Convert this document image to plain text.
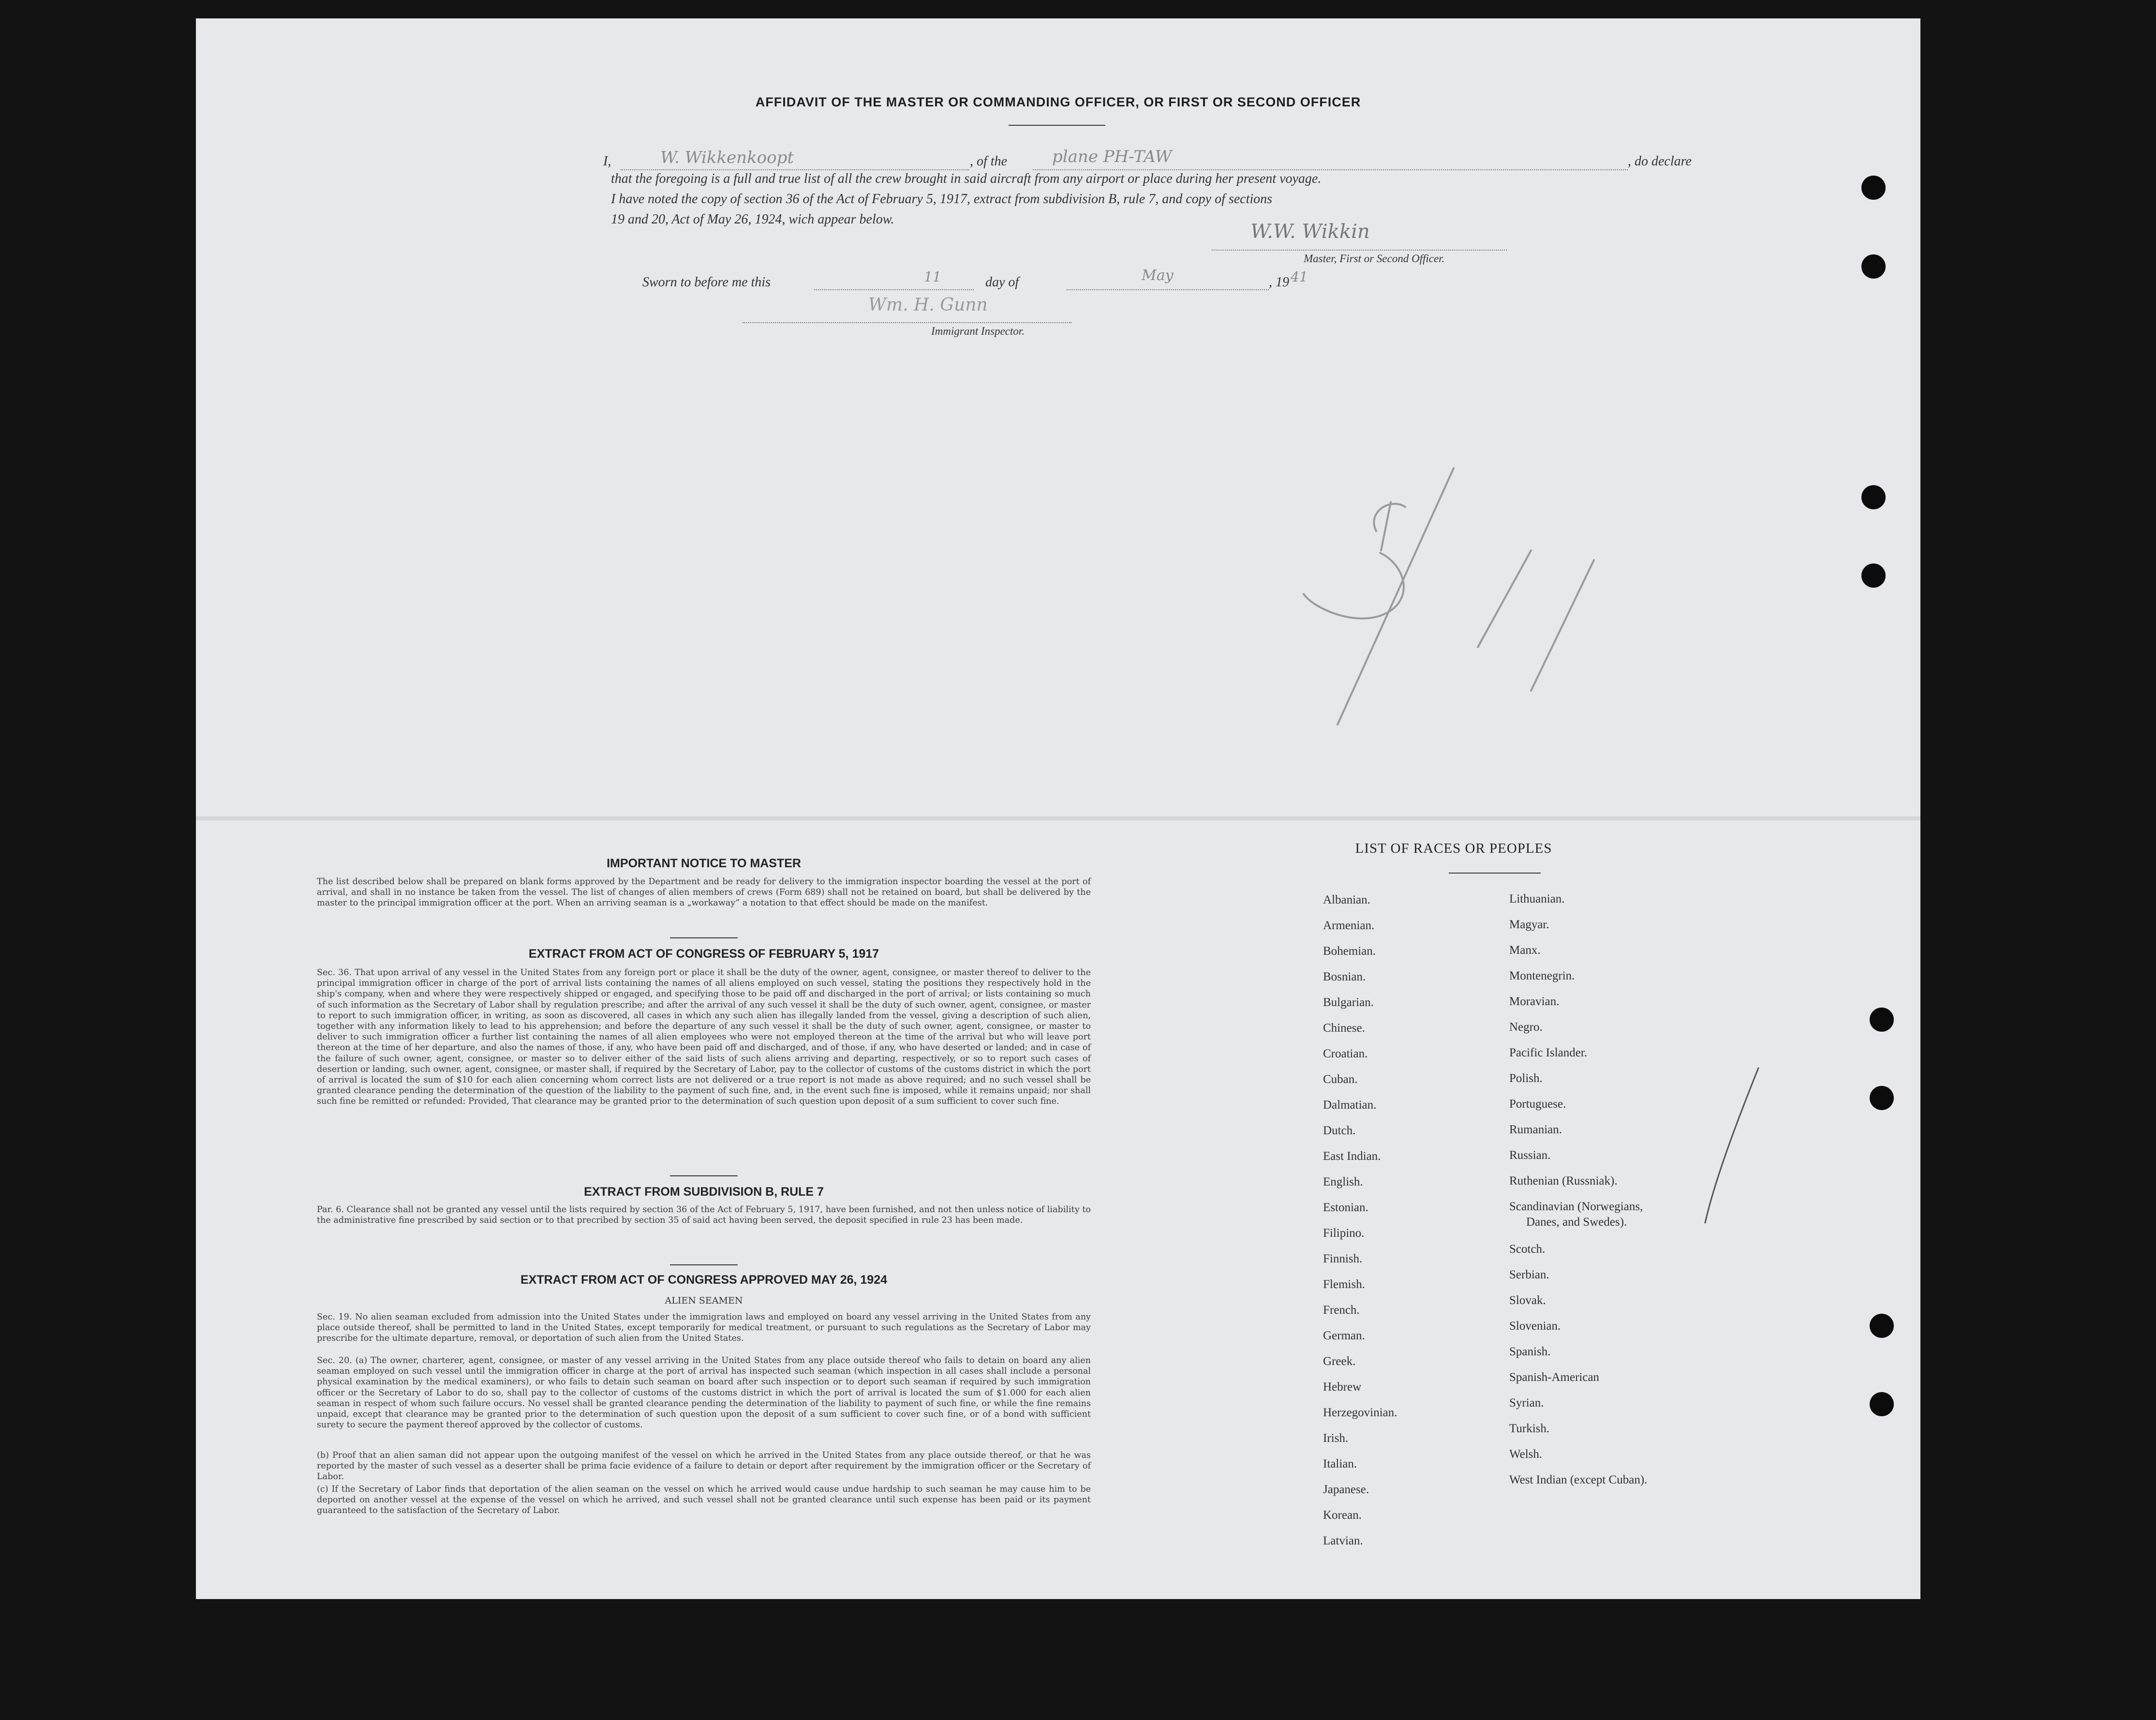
AFFIDAVIT OF THE MASTER OR COMMANDING OFFICER, OR FIRST OR SECOND OFFICER
I,	W. Wikkenkoopt	, of the	plane PH-TAW	, do declare
that the foregoing is a full and true list of all the crew brought in said aircraft from any airport or place during her present voyage.
I have noted the copy of section 36 of the Act of February 5, 1917, extract from subdivision B, rule 7, and copy of sections
19 and 20, Act of May 26, 1924, wich appear below.
W.W. Wikkin
Master, First or Second Officer.
Sworn to before me this	11	day of	May	, 19 41
Wm. H. Gunn
Immigrant Inspector.
5/11
IMPORTANT NOTICE TO MASTER
The list described below shall be prepared on blank forms approved by the Department and be ready for delivery to the immigration inspector boarding the vessel at the port of arrival, and shall in no instance be taken from the vessel. The list of changes of alien members of crews (Form 689) shall not be retained on board, but shall be delivered by the master to the principal immigration officer at the port. When an arriving seaman is a „workaway” a notation to that effect should be made on the manifest.
EXTRACT FROM ACT OF CONGRESS OF FEBRUARY 5, 1917
Sec. 36. That upon arrival of any vessel in the United States from any foreign port or place it shall be the duty of the owner, agent, consignee, or master thereof to deliver to the principal immigration officer in charge of the port of arrival lists containing the names of all aliens employed on such vessel, stating the positions they respectively hold in the ship's company, when and where they were respectively shipped or engaged, and specifying those to be paid off and discharged in the port of arrival; or lists containing so much of such information as the Secretary of Labor shall by regulation prescribe; and after the arrival of any such vessel it shall be the duty of such owner, agent, consignee, or master to report to such immigration officer, in writing, as soon as discovered, all cases in which any such alien has illegally landed from the vessel, giving a description of such alien, together with any information likely to lead to his apprehension; and before the departure of any such vessel it shall be the duty of such owner, agent, consignee, or master to deliver to such immigration officer a further list containing the names of all alien employees who were not employed thereon at the time of the arrival but who will leave port thereon at the time of her departure, and also the names of those, if any, who have been paid off and discharged, and of those, if any, who have deserted or landed; and in case of the failure of such owner, agent, consignee, or master so to deliver either of the said lists of such aliens arriving and departing, respectively, or so to report such cases of desertion or landing, such owner, agent, consignee, or master shall, if required by the Secretary of Labor, pay to the collector of customs of the customs district in which the port of arrival is located the sum of $10 for each alien concerning whom correct lists are not delivered or a true report is not made as above required; and no such vessel shall be granted clearance pending the determination of the question of the liability to the payment of such fine, and, in the event such fine is imposed, while it remains unpaid; nor shall such fine be remitted or refunded: Provided, That clearance may be granted prior to the determination of such question upon deposit of a sum sufficient to cover such fine.
EXTRACT FROM SUBDIVISION B, RULE 7
Par. 6. Clearance shall not be granted any vessel until the lists required by section 36 of the Act of February 5, 1917, have been furnished, and not then unless notice of liability to the administrative fine prescribed by said section or to that precribed by section 35 of said act having been served, the deposit specified in rule 23 has been made.
EXTRACT FROM ACT OF CONGRESS APPROVED MAY 26, 1924
ALIEN SEAMEN
Sec. 19. No alien seaman excluded from admission into the United States under the immigration laws and employed on board any vessel arriving in the United States from any place outside thereof, shall be permitted to land in the United States, except temporarily for medical treatment, or pursuant to such regulations as the Secretary of Labor may prescribe for the ultimate departure, removal, or deportation of such alien from the United States.
Sec. 20. (a) The owner, charterer, agent, consignee, or master of any vessel arriving in the United States from any place outside thereof who fails to detain on board any alien seaman employed on such vessel until the immigration officer in charge at the port of arrival has inspected such seaman (which inspection in all cases shall include a personal physical examination by the medical examiners), or who fails to detain such seaman on board after such inspection or to deport such seaman if required by such immigration officer or the Secretary of Labor to do so, shall pay to the collector of customs of the customs district in which the port of arrival is located the sum of $1.000 for each alien seaman in respect of whom such failure occurs. No vessel shall be granted clearance pending the determination of the liability to payment of such fine, or while the fine remains unpaid, except that clearance may be granted prior to the determination of such question upon the deposit of a sum sufficient to cover such fine, or of a bond with sufficient surety to secure the payment thereof approved by the collector of customs.
(b) Proof that an alien saman did not appear upon the outgoing manifest of the vessel on which he arrived in the United States from any place outside thereof, or that he was reported by the master of such vessel as a deserter shall be prima facie evidence of a failure to detain or deport after requirement by the immigration officer or the Secretary of Labor.
(c) If the Secretary of Labor finds that deportation of the alien seaman on the vessel on which he arrived would cause undue hardship to such seaman he may cause him to be deported on another vessel at the expense of the vessel on which he arrived, and such vessel shall not be granted clearance until such expense has been paid or its payment guaranteed to the satisfaction of the Secretary of Labor.
LIST OF RACES OR PEOPLES
Albanian.
Armenian.
Bohemian.
Bosnian.
Bulgarian.
Chinese.
Croatian.
Cuban.
Dalmatian.
Dutch.
East Indian.
English.
Estonian.
Filipino.
Finnish.
Flemish.
French.
German.
Greek.
Hebrew
Herzegovinian.
Irish.
Italian.
Japanese.
Korean.
Latvian.
Lithuanian.
Magyar.
Manx.
Montenegrin.
Moravian.
Negro.
Pacific Islander.
Polish.
Portuguese.
Rumanian.
Russian.
Ruthenian (Russniak).
Scandinavian (Norwegians,
Danes, and Swedes).
Scotch.
Serbian.
Slovak.
Slovenian.
Spanish.
Spanish-American
Syrian.
Turkish.
Welsh.
West Indian (except Cuban).
